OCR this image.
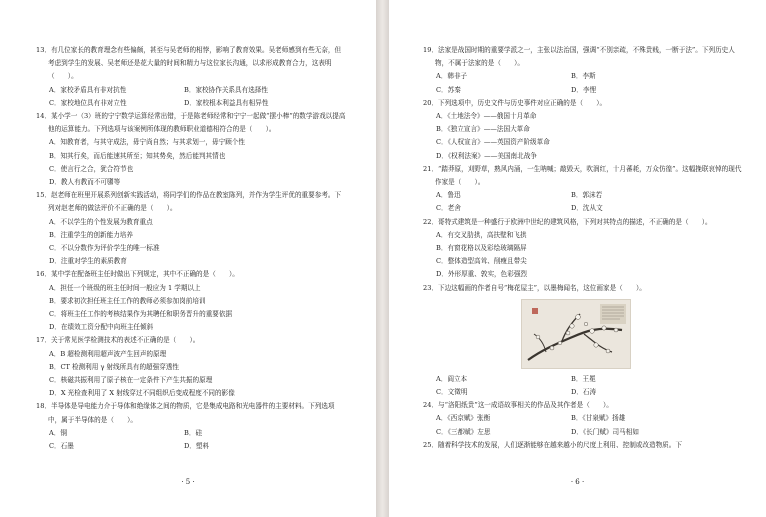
13．有几位家长的教育理念有些偏颇，甚至与吴老师的相悖，影响了教育效果。吴老师感到有些无奈，但考虑到学生的发展、吴老师还是花大量的时间和精力与这位家长沟通，以求形成教育合力，这表明（　　）。
A．家校矛盾具有非对抗性	B．家校协作关系具有选择性
C．家校地位具有非对立性	D．家校根本利益具有相异性
14．某小学一（3）班的宁宁数学运算经常出错，于是陈老师经常和宁宁一起做“摆小棒”的数学游戏以提高他的运算能力。下列选项与该案例所体现的教师职业道德相符合的是（　　）。
A．知教育者，与其守成法，毋宁尚自然；与其求划一，毋宁顾个性
B．知其行矣，而后能速其所至；知其势矣，然后能判其情也
C．使言行之合，犹合符节也
D．教人有教而不可隳等
15．赵老师在班里开展系列创新实践活动，将同学们的作品在教室陈列，并作为学生评优的重要参考。下列对赵老师的做法评价不正确的是（　　）。
A．不以学生的个性发展为教育重点
B．注重学生的创新能力培养
C．不以分数作为评价学生的唯一标准
D．注重对学生的素质教育
16．某中学在配备班主任时做出下列规定，其中不正确的是（　　）。
A．担任一个班级的班主任时间一般应为 1 学期以上
B．要求初次担任班主任工作的教师必须参加岗前培训
C．将班主任工作的考核结果作为其聘任和职务晋升的重要依据
D．在绩效工资分配中向班主任倾斜
17．关于常见医学检测技术的表述不正确的是（　　）。
A．B 超检测利用超声波产生回声的原理
B．CT 检测利用 γ 射线所具有的超强穿透性
C．核磁共振利用了原子核在一定条件下产生共振的原理
D．X 光检查利用了 X 射线穿过不同组织后变成程度不同的影像
18．半导体是导电能力介于导体和绝缘体之间的物质，它是集成电路和光电器件的主要材料。下列选项中，属于半导体的是（　　）。
A．铜	B．硅
C．石墨	D．塑料
· 5 ·
19．法家是战国时期的重要学派之一，主张以法治国，强调“不别亲疏，不殊贵贱，一断于法”。下列历史人物，不属于法家的是（　　）。
A．韩非子	B．李斯
C．苏秦	D．李悝
20．下列选项中，历史文件与历史事件对应正确的是（　　）。
A．《土地法令》——俄国十月革命
B．《独立宣言》——法国大革命
C．《人权宣言》——英国资产阶级革命
D．《权利法案》——美国南北战争
21．“踏莽原，刈野草，熟风内涌，一生呐喊；敲毁天，吹润红，十月蕃耗，万众仿徨”。这幅挽联哀悼的现代作家是（　　）。
A．鲁迅	B．郭沫若
C．老舍	D．沈从文
22．哥特式建筑是一种盛行于欧洲中世纪的建筑风格，下列对其特点的描述，不正确的是（　　）。
A．有交叉肋拱，高扶壁和飞拱
B．有窗花格以及彩绘玻璃隔屏
C．整体造型高耸、削瘦且带尖
D．外形厚重、敦实，色彩强烈
23．下边这幅画的作者自号“梅花屋主”，以墨梅闻名，这位画家是（　　）。
A．阎立本	B．王冕
C．文徵明	D．石涛
24．与“洛阳纸贵”这一成语故事相关的作品及其作者是（　　）。
A．《西京赋》张衡	B．《甘泉赋》扬雄
C．《三都赋》左思	D．《长门赋》司马相如
25．随着科学技术的发展，人们逐渐能够在越来越小的尺度上利用、控制或改造物质。下
· 6 ·
